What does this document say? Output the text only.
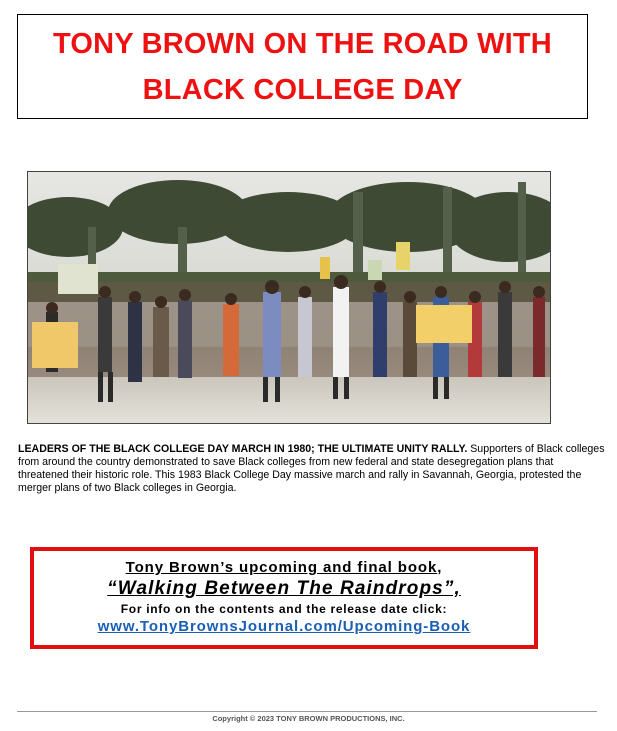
TONY BROWN ON THE ROAD WITH
BLACK COLLEGE DAY
LEADERS OF THE BLACK COLLEGE DAY MARCH IN 1980; THE ULTIMATE UNITY RALLY. Supporters of Black colleges from around the country demonstrated to save Black colleges from new federal and state desegregation plans that threatened their historic role. This 1983 Black College Day massive march and rally in Savannah, Georgia, protested the merger plans of two Black colleges in Georgia.
Tony Brown’s upcoming and final book,
“Walking Between The Raindrops”,
For info on the contents and the release date click:
www.TonyBrownsJournal.com/Upcoming-Book
Copyright © 2023 TONY BROWN PRODUCTIONS, INC.
